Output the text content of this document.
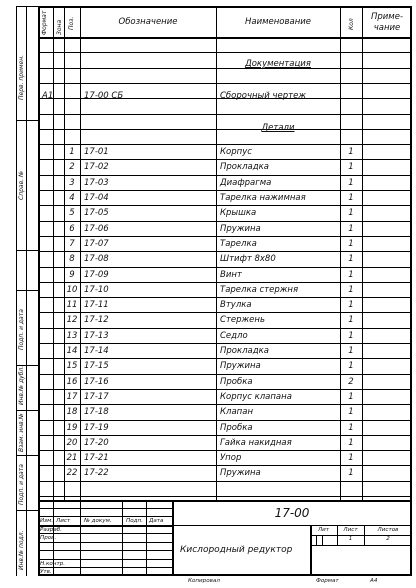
Перв. примен.
Справ. №
Подп. и дата
Инв.№ дубл.
Взам. инв.№
Подп. и дата
Инв.№ подл.
Формат Зона Поз.	Обозначение	Наименование	Кол
Приме-
чание
Документация
А1	17-00 СБ	Сборочный чертеж
Детали
1	17-01	Корпус	1
2	17-02	Прокладка	1
3	17-03	Диафрагма	1
4	17-04	Тарелка нажимная	1
5	17-05	Крышка	1
6	17-06	Пружина	1
7	17-07	Тарелка	1
8	17-08	Штифт 8х80	1
9	17-09	Винт	1
10 17-10	Тарелка стержня	1
11 17-11	Втулка	1
12 17-12	Стержень	1
13 17-13	Седло	1
14 17-14	Прокладка	1
15 17-15	Пружина	1
16 17-16	Пробка	2
17 17-17	Корпус клапана	1
18 17-18	Клапан	1
19 17-19	Пробка	1
20 17-20	Гайка накидная	1
21 17-21	Упор	1
22 17-22	Пружина	1
Изм. Лист № докум.	Подп. Дата
Разраб.
Пров.
Н.контр.
Утв.
17-00
Кислородный редуктор
Лит	Лист	Листов
1	2
Копировал	Формат	А4
